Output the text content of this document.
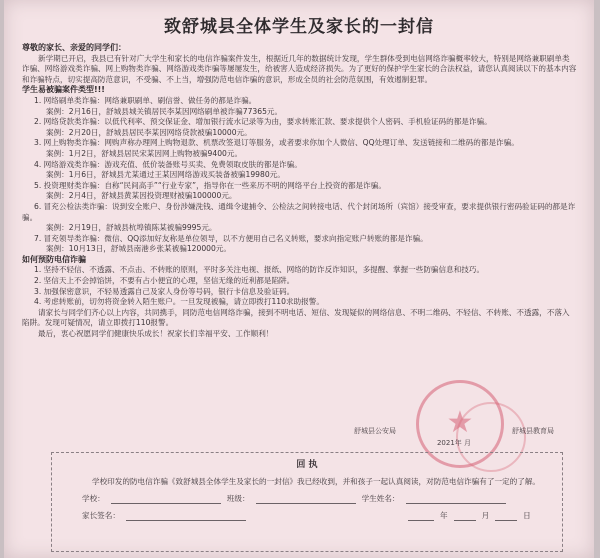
致舒城县全体学生及家长的一封信

尊敬的家长、亲爱的同学们：

新学期已开启，我县已有针对广大学生和家长的电信诈骗案件发生，根据近几年的数据统计发现，学生群体受到电信网络诈骗概率较大，特别是网络兼职刷单类诈骗、网络游戏类诈骗、网上购物类诈骗、网络游戏类诈骗等屡屡发生，给被害人造成经济损失。为了更好的保护学生家长的合法权益，请您认真阅读以下的基本内容和诈骗特点，切实提高防范意识，不受骗、不上当，增强防范电信诈骗的意识，形成全员的社会防范氛围，有效遏制犯罪。

学生易被骗案件类型!!!

1. 网络刷单类诈骗：网络兼职刷单、刷信誉、做任务的都是诈骗。

案例：2月16日，舒城县城关镇居民李某因网络刷单被诈骗77365元。

2. 网络贷款类诈骗：以低代利率、预交保证金、增加银行流水记录等为由，要求转账汇款、要求提供个人密码、手机验证码的都是诈骗。

案例：2月20日，舒城县居民李某因网络贷款被骗10000元。

3. 网上购物类诈骗：网购声称办理网上购物退款、机票改签退订等服务，或者要求你加个人微信、QQ处理订单、发送链接和二维码的都是诈骗。

案例：1月2日，舒城县居民宋某因网上购物被骗9400元。

4. 网络游戏类诈骗：游戏充值、低价装备账号买卖、免费领取皮肤的都是诈骗。

案例：1月6日，舒城县尤某通过王某因网络游戏买装备被骗19980元。

5. 投资理财类诈骗：自称“民间高手”“行业专家”，指导你在一些来历不明的网络平台上投资的都是诈骗。

案例：2月4日，舒城县黄某因投资理财被骗100000元。

6. 冒充公检法类诈骗：说到安全账户、身份涉嫌洗钱、通缉令逮捕令、公检法之间转接电话、代个封闭场所（宾馆）接受审查，要求提供银行密码验证码的都是诈骗。

案例：2月19日，舒城县杭埠镇陈某被骗9995元。

7. 冒充领导类诈骗：微信、QQ添加好友称是单位领导，以不方便用自己名义转账，要求向指定账户转账的都是诈骗。

案例：10月13日，舒城县南港乡张某被骗120000元。

如何预防电信诈骗

1. 坚持不轻信、不透露、不点击、不转账的原则，平时多关注电视、报纸、网络的防诈反诈知识，多提醒、掌握一些防骗信息和技巧。

2. 坚信天上不会掉馅饼，不要有占小便宜的心理，坚信无缘的近利都是陷阱。

3. 加强保密意识，不轻易透露自己及家人身份等号码，银行卡信息及验证码。

4. 考虑转账前，切勿将资金转入陌生账户。一旦发现被骗，请立即拨打110求助报警。

请家长与同学们齐心以上内容，共同携手，同防范电信网络诈骗，接到不明电话、短信、发现疑似的网络信息、不明二维码、不轻信、不转账、不透露，不落入陷阱。发现可疑情况，请立即拨打110报警。

最后，衷心祝愿同学们健康快乐成长！祝家长们幸福平安、工作顺利！

★
舒城县公安局	舒城县教育局
2021年 月
回 执
学校印发的防电信诈骗《致舒城县全体学生及家长的一封信》我已经收到，并和孩子一起认真阅读，对防范电信诈骗有了一定的了解。
学校：	班级：	学生姓名：
家长签名：	年	月	日
